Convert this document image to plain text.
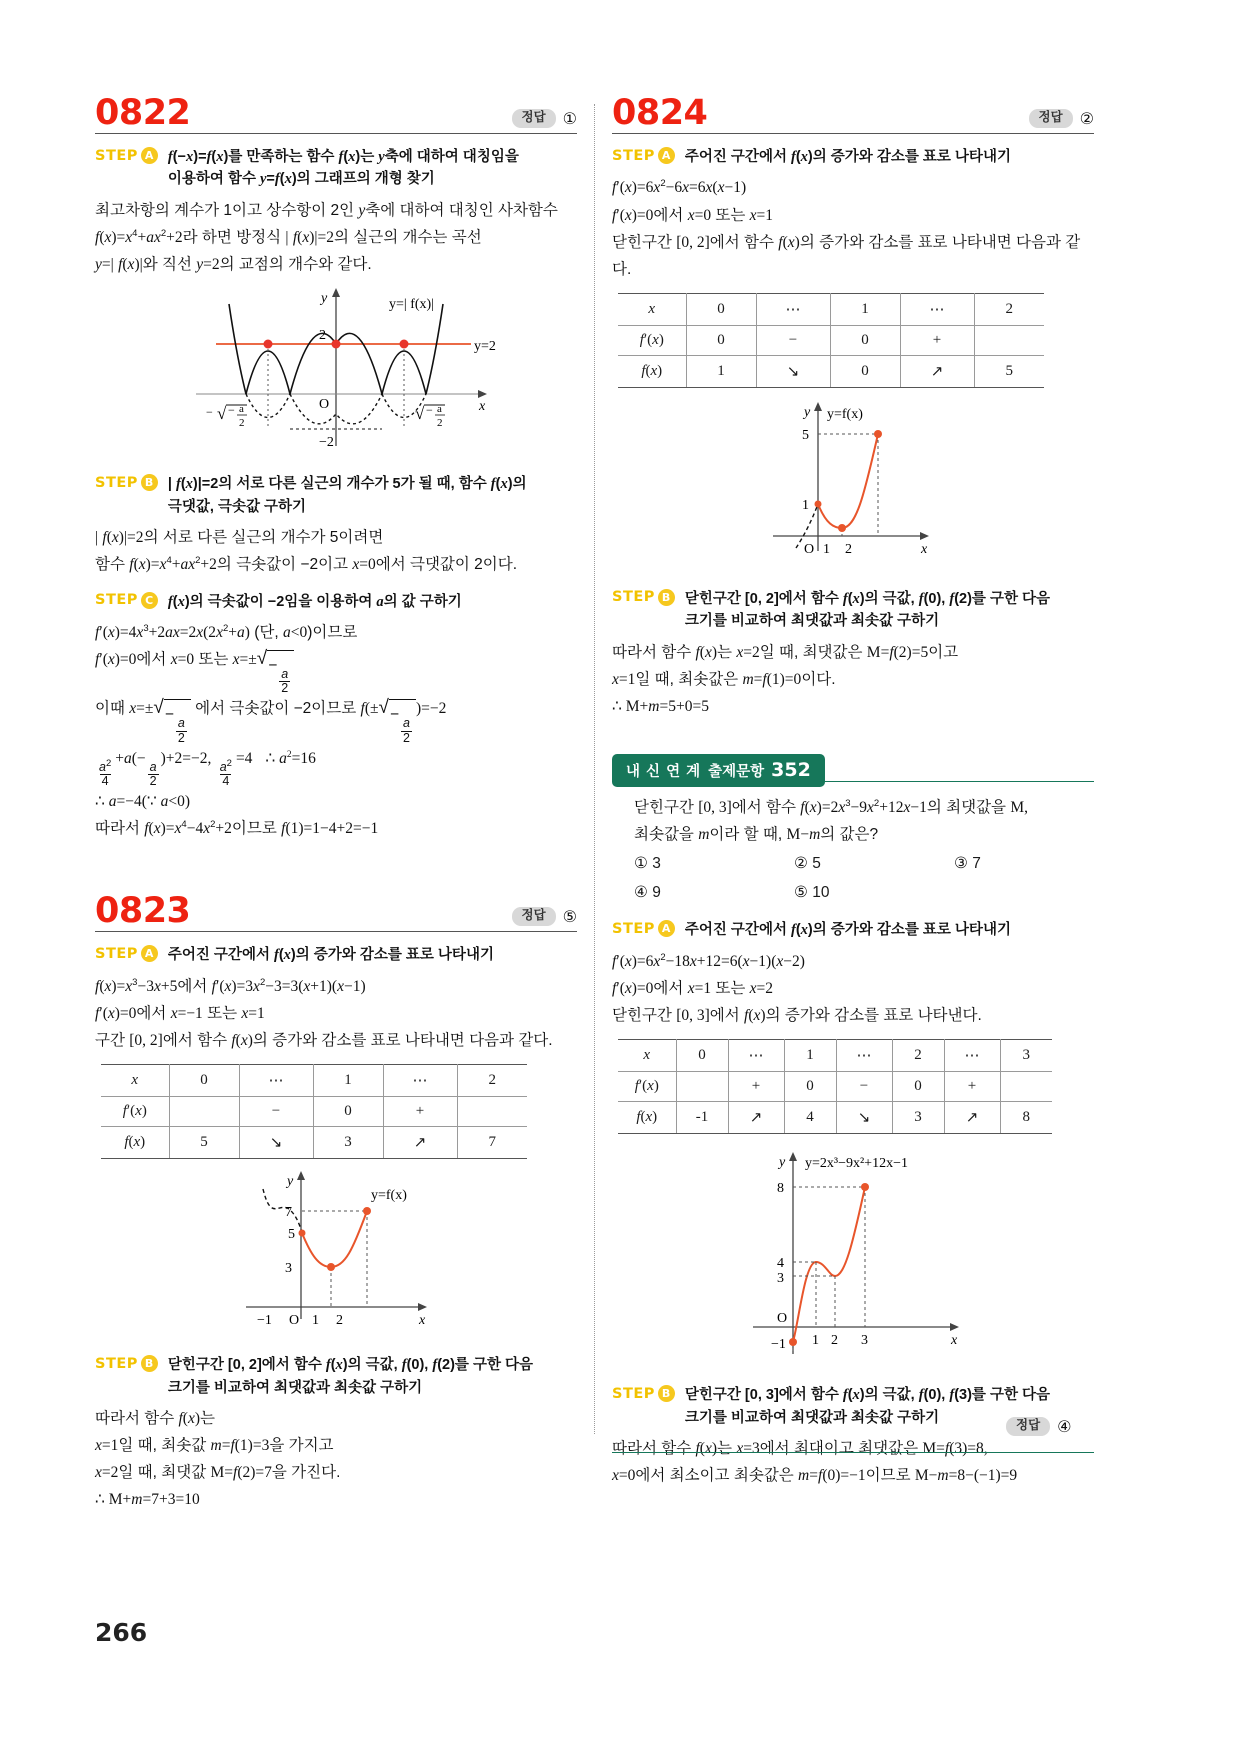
0822	정답	①
STEP A f(−x)=f(x)를 만족하는 함수 f(x)는 y축에 대하여 대칭임을
이용하여 함수 y=f(x)의 그래프의 개형 찾기
최고차항의 계수가 1이고 상수항이 2인 y축에 대하여 대칭인 사차함수
$f(x)=x^4+ax^2+2$라 하면 방정식 | f(x)|=2의 실근의 개수는 곡선
y=| f(x)|와 직선 y=2의 교점의 개수와 같다.
y
x
O
y=2
2
−2
y=| f(x)|
− √ − a
2	√ − a
2
STEP B | f(x)|=2의 서로 다른 실근의 개수가 5가 될 때, 함수 f(x)의
극댓값, 극솟값 구하기
| f(x)|=2의 서로 다른 실근의 개수가 5이려면
함수 $f(x)=x^4+ax^2+2$의 극솟값이 −2이고 x=0에서 극댓값이 2이다.
STEP C f(x)의 극솟값이 −2임을 이용하여 a의 값 구하기
$f'(x)=4x^3+2ax=2x(2x^2+a)$ (단, a<0)이므로
f′(x)=0에서 x=0 또는 x=± √ −
$\frac{a}{2}$
이때 x=± √ −
$\frac{a}{2}$
에서 극솟값이 −2이므로 f(± √ −
$\frac{a}{2}$
)=−2
$\frac{a^2}{4}$
+a(−
$\frac{a}{2}$
)+2=−2,
$\frac{a^2}{4}$
=4 ∴ $a^2=16$
∴ a=−4(∵ a<0)
따라서 $f(x)=x^4-4x^2+2$이므로 f(1)=1−4+2=−1
0823	정답	⑤
STEP A 주어진 구간에서 f(x)의 증가와 감소를 표로 나타내기
$f(x)=x^3-3x+5$에서 $f'(x)=3x^2-3=3(x+1)(x-1)$
f′(x)=0에서 x=−1 또는 x=1
구간 [0, 2]에서 함수 f(x)의 증가와 감소를 표로 나타내면 다음과 같다.
x	0	⋯	1	⋯	2
f′(x)		−	0	+	
f(x)	5	↘	3	↗	7
y
x
y=f(x)
7
5
3
−1 O 1 2
STEP B 닫힌구간 [0, 2]에서 함수 f(x)의 극값, f(0), f(2)를 구한 다음
크기를 비교하여 최댓값과 최솟값 구하기
따라서 함수 f(x)는
x=1일 때, 최솟값 m=f(1)=3을 가지고
x=2일 때, 최댓값 M=f(2)=7을 가진다.
∴ M+m=7+3=10
0824	정답	②
STEP A 주어진 구간에서 f(x)의 증가와 감소를 표로 나타내기
$f'(x)=6x^2-6x=6x(x-1)$
f′(x)=0에서 x=0 또는 x=1
닫힌구간 [0, 2]에서 함수 f(x)의 증가와 감소를 표로 나타내면 다음과 같다.
x	0	⋯	1	⋯	2
f′(x)	0	−	0	+	
f(x)	1	↘	0	↗	5
y
x
y=f(x)
5
1
O 1 2
STEP B 닫힌구간 [0, 2]에서 함수 f(x)의 극값, f(0), f(2)를 구한 다음
크기를 비교하여 최댓값과 최솟값 구하기
따라서 함수 f(x)는 x=2일 때, 최댓값은 M=f(2)=5이고
x=1일 때, 최솟값은 m=f(1)=0이다.
∴ M+m=5+0=5
내 신 연 계 출제문항 352
닫힌구간 [0, 3]에서 함수 $f(x)=2x^3-9x^2+12x-1$의 최댓값을 M,
최솟값을 m이라 할 때, M−m의 값은?
① 3	② 5	③ 7
④ 9	⑤ 10
STEP A 주어진 구간에서 f(x)의 증가와 감소를 표로 나타내기
$f'(x)=6x^2-18x+12=6(x-1)(x-2)$
f′(x)=0에서 x=1 또는 x=2
닫힌구간 [0, 3]에서 f(x)의 증가와 감소를 표로 나타낸다.
x	0	⋯	1	⋯	2	⋯	3
f′(x)		+	0	−	0	+	
f(x)	-1	↗	4	↘	3	↗	8
y
x
y=2x³−9x²+12x−1
8
4
3
−1
O
1 2 3
STEP B 닫힌구간 [0, 3]에서 함수 f(x)의 극값, f(0), f(3)를 구한 다음
크기를 비교하여 최댓값과 최솟값 구하기
따라서 함수 f(x)는 x=3에서 최대이고 최댓값은 M=f(3)=8,
x=0에서 최소이고 최솟값은 m=f(0)=−1이므로 M−m=8−(−1)=9
정답	④
266
